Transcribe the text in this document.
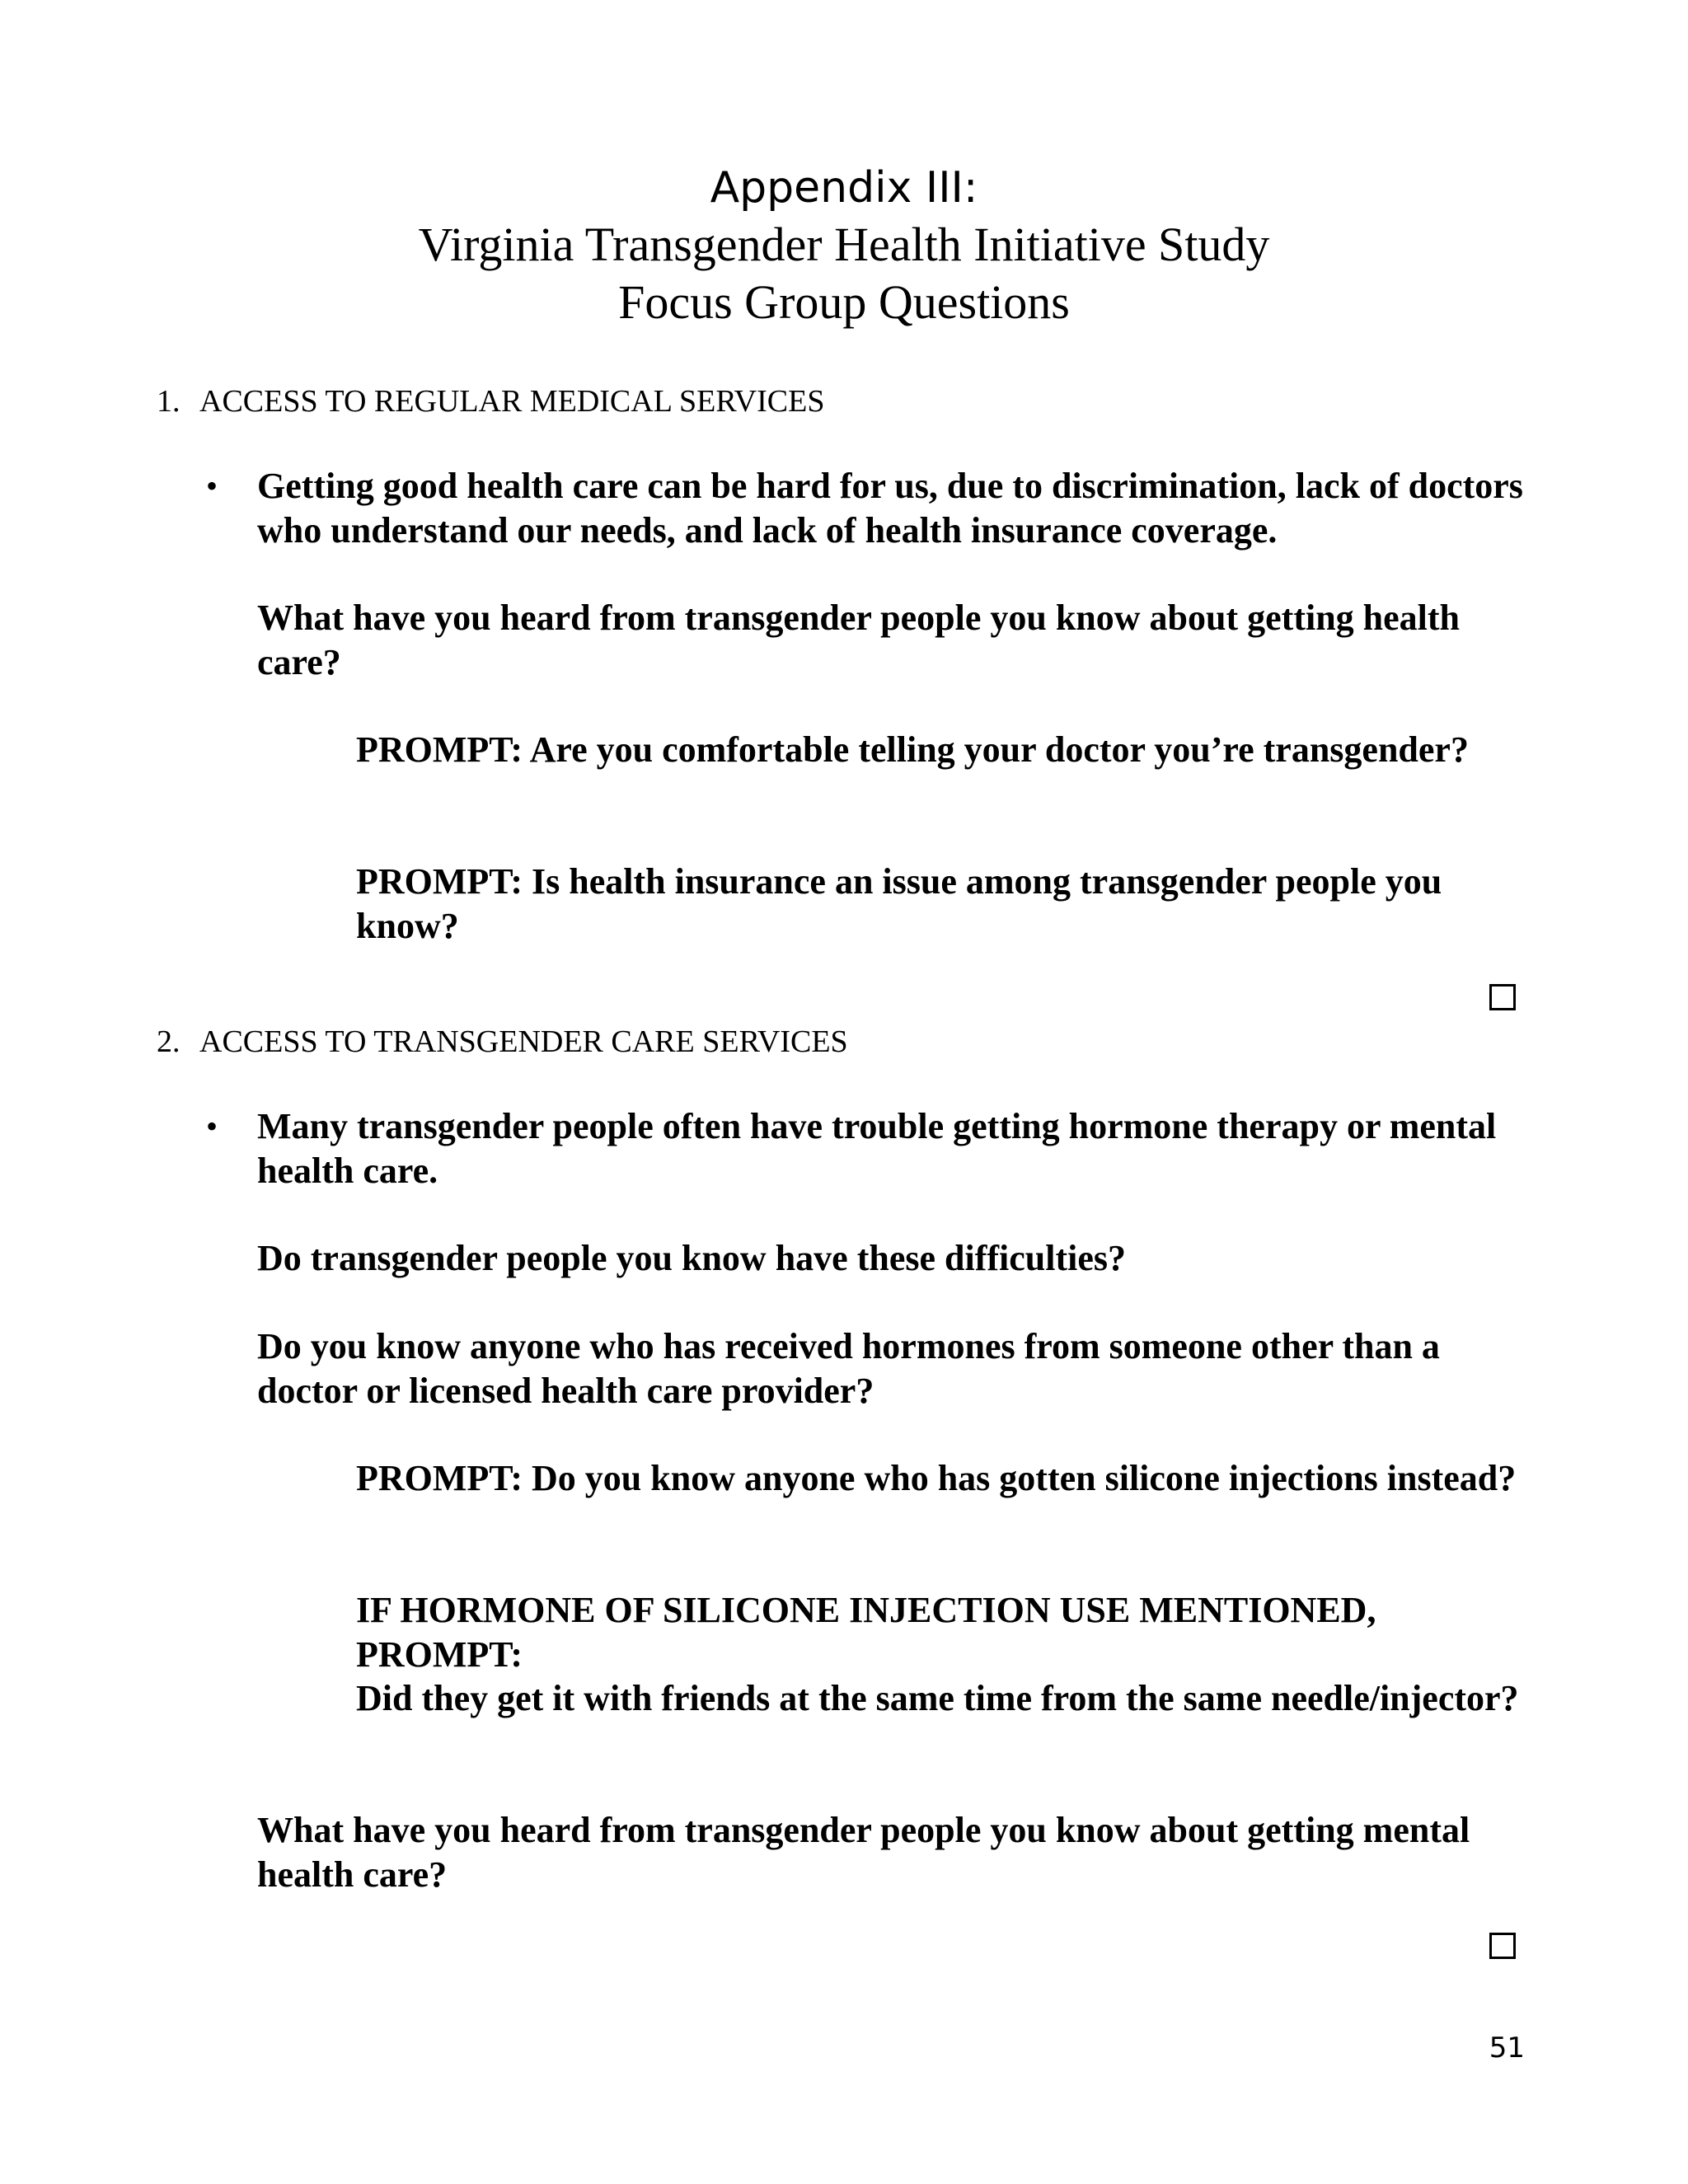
Appendix III:
Virginia Transgender Health Initiative Study
Focus Group Questions
1. ACCESS TO REGULAR MEDICAL SERVICES
• Getting good health care can be hard for us, due to discrimination, lack of doctors who understand our needs, and lack of health insurance coverage.
What have you heard from transgender people you know about getting health care?
PROMPT: Are you comfortable telling your doctor you’re transgender?
PROMPT: Is health insurance an issue among transgender people you know?
2. ACCESS TO TRANSGENDER CARE SERVICES
• Many transgender people often have trouble getting hormone therapy or mental health care.
Do transgender people you know have these difficulties?
Do you know anyone who has received hormones from someone other than a doctor or licensed health care provider?
PROMPT: Do you know anyone who has gotten silicone injections instead?
IF HORMONE OF SILICONE INJECTION USE MENTIONED, PROMPT:
Did they get it with friends at the same time from the same needle/injector?
What have you heard from transgender people you know about getting mental health care?
51
